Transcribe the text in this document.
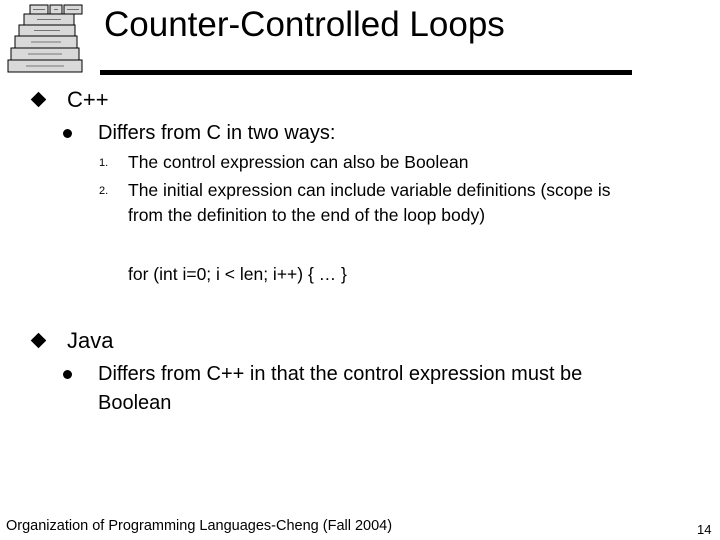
Counter-Controlled Loops
C++
Differs from C in two ways:
1. The control expression can also be Boolean
2. The initial expression can include variable definitions (scope is
from the definition to the end of the loop body)
for (int i=0; i < len; i++) { … }
Java
Differs from C++ in that the control expression must be
Boolean
Organization of Programming Languages-Cheng (Fall 2004)	14
